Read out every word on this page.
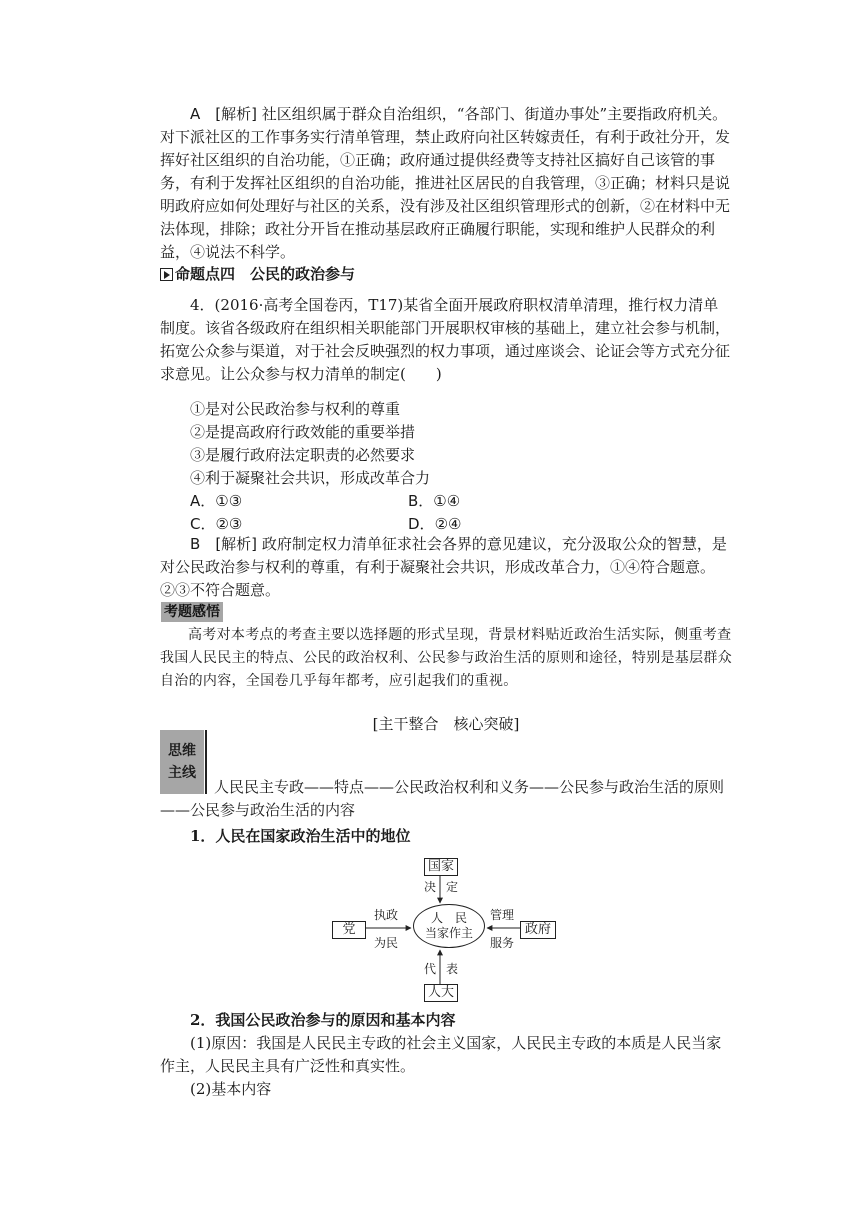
A　 [解析] 社区组织属于群众自治组织，“各部门、街道办事处”主要指政府机关。对下派社区的工作事务实行清单管理，禁止政府向社区转嫁责任，有利于政社分开，发挥好社区组织的自治功能，①正确；政府通过提供经费等支持社区搞好自己该管的事务，有利于发挥社区组织的自治功能，推进社区居民的自我管理，③正确；材料只是说明政府应如何处理好与社区的关系，没有涉及社区组织管理形式的创新，②在材料中无法体现，排除；政社分开旨在推动基层政府正确履行职能，实现和维护人民群众的利益，④说法不科学。

命题点四　 公民的政治参与

4．(2016·高考全国卷丙，T17)某省全面开展政府职权清单清理，推行权力清单制度。该省各级政府在组织相关职能部门开展职权审核的基础上，建立社会参与机制，拓宽公众参与渠道，对于社会反映强烈的权力事项，通过座谈会、论证会等方式充分征求意见。让公众参与权力清单的制定(　　)

①是对公民政治参与权利的尊重
②是提高政府行政效能的重要举措
③是履行政府法定职责的必然要求
④利于凝聚社会共识，形成改革合力
A．①③	B．①④
C．②③	D．②④

B　 [解析] 政府制定权力清单征求社会各界的意见建议，充分汲取公众的智慧，是对公民政治参与权利的尊重，有利于凝聚社会共识，形成改革合力，①④符合题意。②③不符合题意。

考题感悟

高考对本考点的考查主要以选择题的形式呈现，背景材料贴近政治生活实际，侧重考查我国人民民主的特点、公民的政治权利、公民参与政治生活的原则和途径，特别是基层群众自治的内容，全国卷几乎每年都考，应引起我们的重视。

[主干整合　核心突破]
思维
主线

人民民主专政——特点——公民政治权利和义务——公民参与政治生活的原则——公民参与政治生活的内容

1．人民在国家政治生活中的地位
国家
决 定
党
执政
为民
人　民
当家作主	政府
管理
服务
代 表
人大
2．我国公民政治参与的原因和基本内容

(1)原因：我国是人民民主专政的社会主义国家，人民民主专政的本质是人民当家作主，人民民主具有广泛性和真实性。

(2)基本内容
